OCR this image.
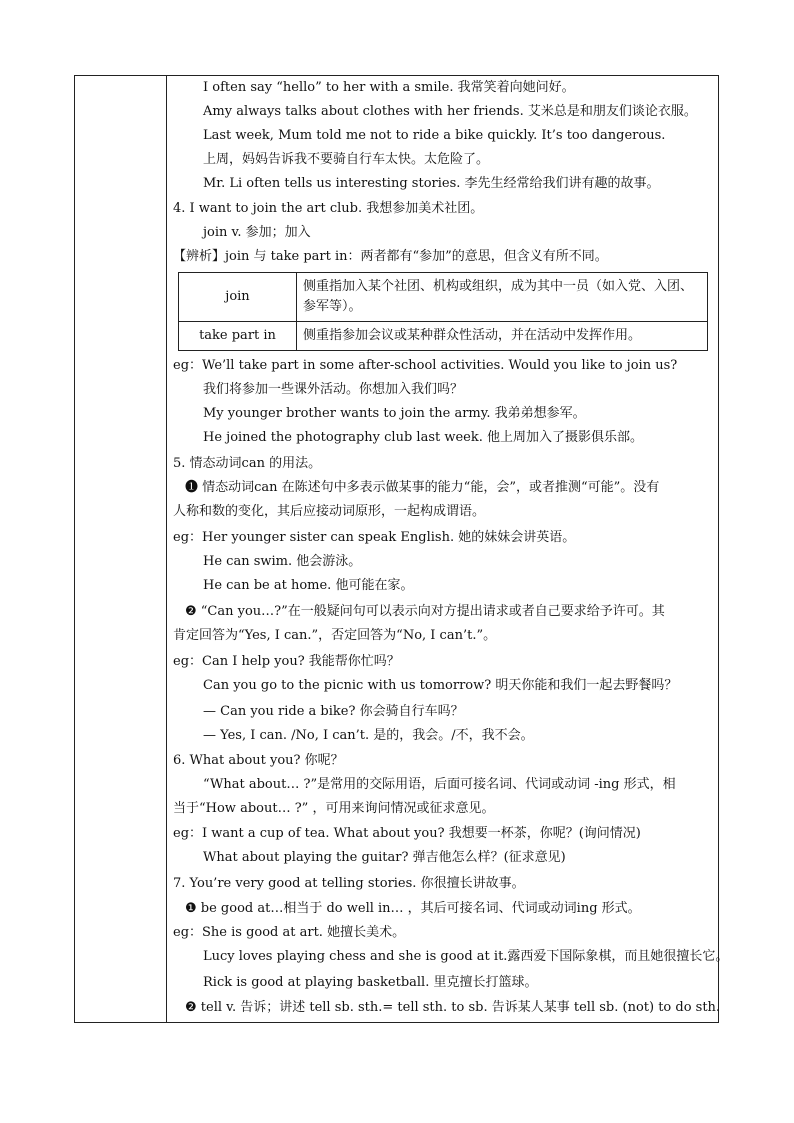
I often say “hello” to her with a smile. 我常笑着向她问好。
Amy always talks about clothes with her friends. 艾米总是和朋友们谈论衣服。
Last week, Mum told me not to ride a bike quickly. It’s too dangerous.
上周，妈妈告诉我不要骑自行车太快。太危险了。
Mr. Li often tells us interesting stories. 李先生经常给我们讲有趣的故事。
4. I want to join the art club. 我想参加美术社团。
join v. 参加；加入
【辨析】join 与 take part in：两者都有“参加”的意思，但含义有所不同。
join	侧重指加入某个社团、机构或组织，成为其中一员（如入党、入团、参军等）。
take part in	侧重指参加会议或某种群众性活动，并在活动中发挥作用。
eg：We’ll take part in some after-school activities. Would you like to join us?
我们将参加一些课外活动。你想加入我们吗？
My younger brother wants to join the army. 我弟弟想参军。
He joined the photography club last week. 他上周加入了摄影俱乐部。
5. 情态动词can 的用法。
❶ 情态动词can 在陈述句中多表示做某事的能力“能，会”，或者推测“可能”。没有
人称和数的变化，其后应接动词原形，一起构成谓语。
eg：Her younger sister can speak English. 她的妹妹会讲英语。
He can swim. 他会游泳。
He can be at home. 他可能在家。
❷ “Can you…?”在一般疑问句可以表示向对方提出请求或者自己要求给予许可。其
肯定回答为“Yes, I can.”，否定回答为“No, I can’t.”。
eg：Can I help you? 我能帮你忙吗？
Can you go to the picnic with us tomorrow? 明天你能和我们一起去野餐吗？
— Can you ride a bike? 你会骑自行车吗？
— Yes, I can. /No, I can’t. 是的，我会。/不，我不会。
6. What about you? 你呢？
“What about… ?”是常用的交际用语，后面可接名词、代词或动词 -ing 形式，相
当于“How about… ?” ，可用来询问情况或征求意见。
eg：I want a cup of tea. What about you? 我想要一杯茶，你呢？(询问情况)
What about playing the guitar? 弹吉他怎么样？(征求意见)
7. You’re very good at telling stories. 你很擅长讲故事。
❶ be good at…相当于 do well in… ，其后可接名词、代词或动词ing 形式。
eg：She is good at art. 她擅长美术。
Lucy loves playing chess and she is good at it.露西爱下国际象棋，而且她很擅长它。
Rick is good at playing basketball. 里克擅长打篮球。
❷ tell v. 告诉；讲述 tell sb. sth.= tell sth. to sb. 告诉某人某事 tell sb. (not) to do sth.
